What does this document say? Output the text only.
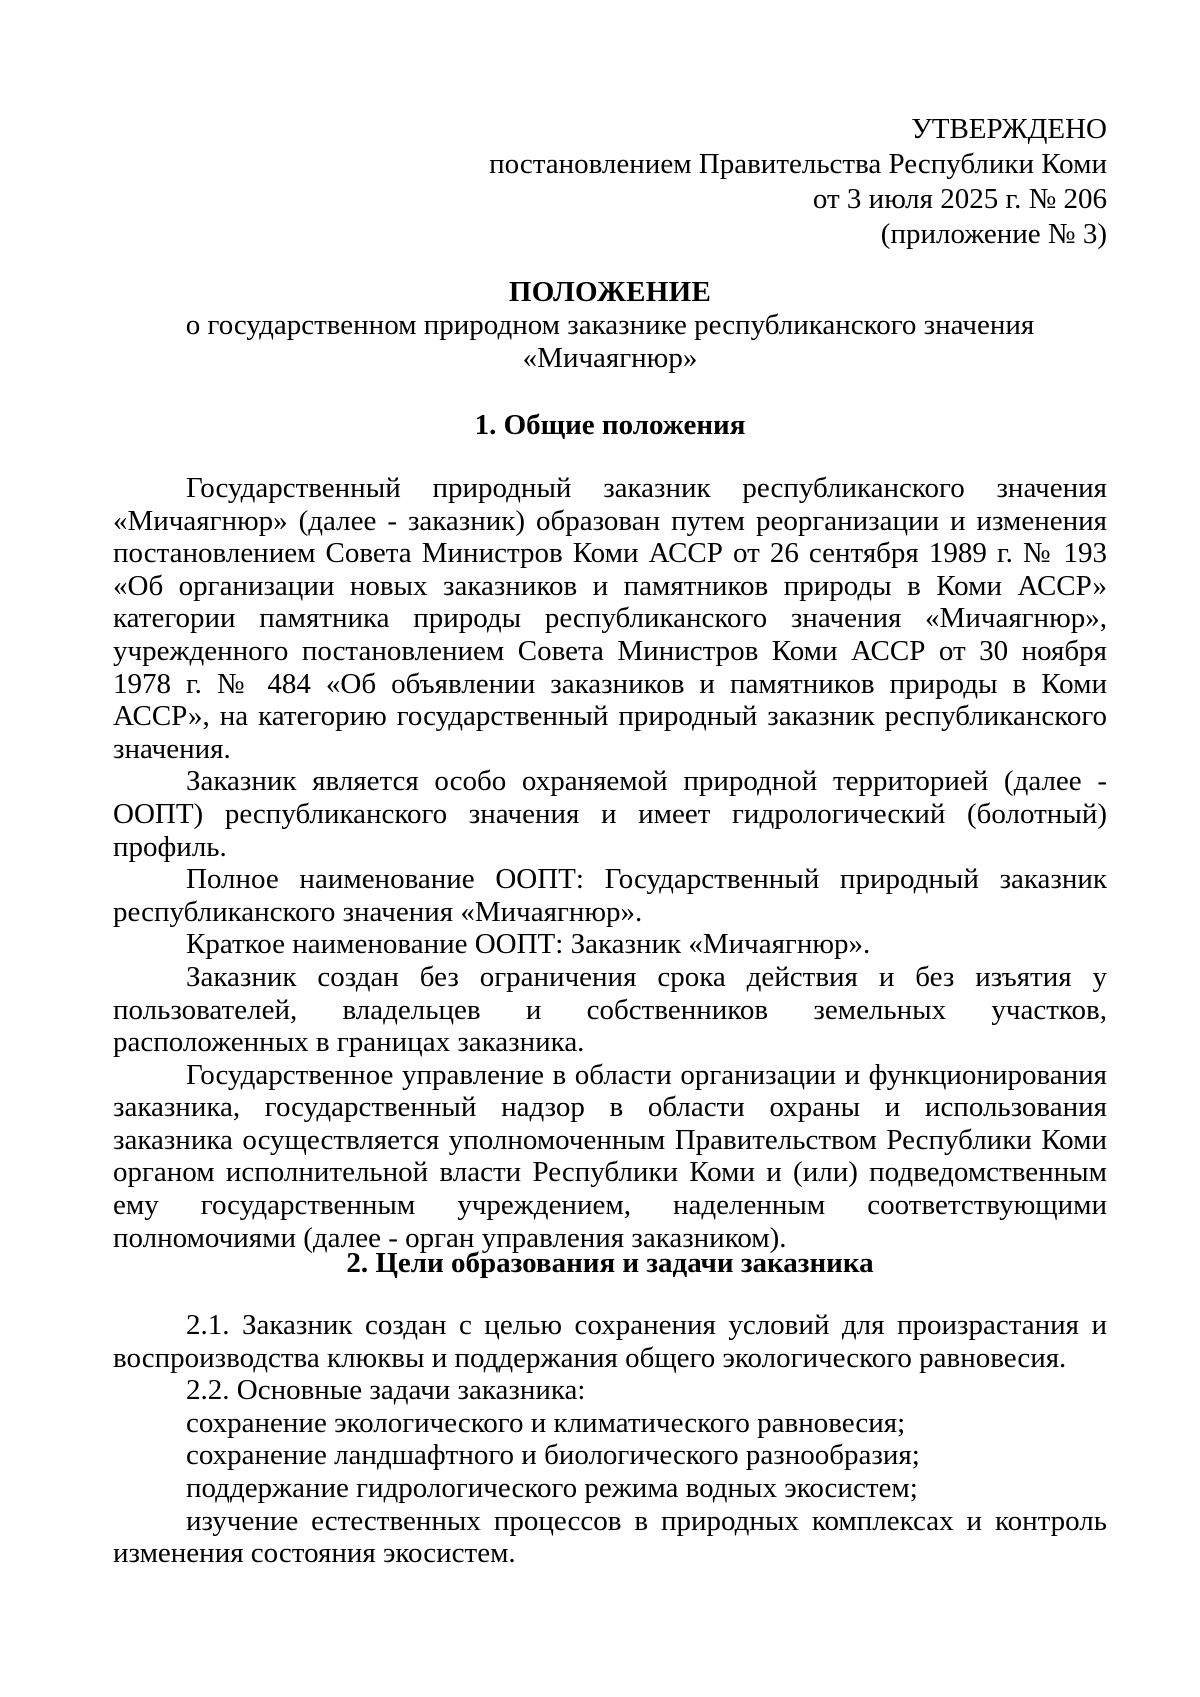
УТВЕРЖДЕНО
постановлением Правительства Республики Коми
от 3 июля 2025 г. № 206
(приложение № 3)
ПОЛОЖЕНИЕ
о государственном природном заказнике республиканского значения
«Мичаягнюр»

1. Общие положения

Государственный природный заказник республиканского значения «Мичаягнюр» (далее - заказник) образован путем реорганизации и изменения постановлением Совета Министров Коми АССР от 26 сентября 1989 г. № 193 «Об организации новых заказников и памятников природы в Коми АССР» категории памятника природы республиканского значения «Мичаягнюр», учрежденного постановлением Совета Министров Коми АССР от 30 ноября 1978 г. № 484 «Об объявлении заказников и памятников природы в Коми АССР», на категорию государственный природный заказник республиканского значения.

Заказник является особо охраняемой природной территорией (далее - ООПТ) республиканского значения и имеет гидрологический (болотный) профиль.

Полное наименование ООПТ: Государственный природный заказник республиканского значения «Мичаягнюр».

Краткое наименование ООПТ: Заказник «Мичаягнюр».

Заказник создан без ограничения срока действия и без изъятия у пользователей, владельцев и собственников земельных участков, расположенных в границах заказника.

Государственное управление в области организации и функционирования заказника, государственный надзор в области охраны и использования заказника осуществляется уполномоченным Правительством Республики Коми органом исполнительной власти Республики Коми и (или) подведомственным ему государственным учреждением, наделенным соответствующими полномочиями (далее - орган управления заказником).

2. Цели образования и задачи заказника

2.1. Заказник создан с целью сохранения условий для произрастания и воспроизводства клюквы и поддержания общего экологического равновесия.

2.2. Основные задачи заказника:

сохранение экологического и климатического равновесия;

сохранение ландшафтного и биологического разнообразия;

поддержание гидрологического режима водных экосистем;

изучение естественных процессов в природных комплексах и контроль изменения состояния экосистем.
